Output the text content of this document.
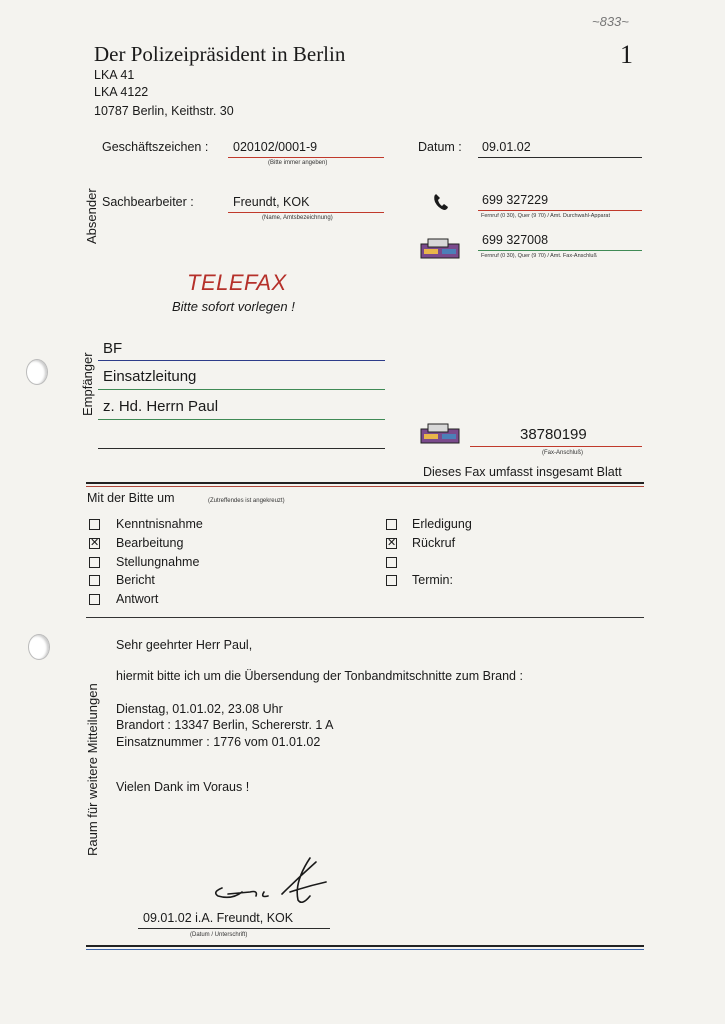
~833~
1
Der Polizeipräsident in Berlin
LKA 41
LKA 4122
10787 Berlin, Keithstr. 30
Geschäftszeichen : 020102/0001-9
(Bitte immer angeben)
Datum : 09.01.02
Absender Sachbearbeiter :	Freundt, KOK
(Name, Amtsbezeichnung)
699 327229
Fernruf (0 30), Quer (9 70) / Amt. Durchwahl-Apparat
699 327008
Fernruf (0 30), Quer (9 70) / Amt. Fax-Anschluß
TELEFAX
Bitte sofort vorlegen !
Empfänger
BF
Einsatzleitung
z. Hd. Herrn Paul
38780199
(Fax-Anschluß)
Dieses Fax umfasst insgesamt Blatt
Mit der Bitte um	(Zutreffendes ist angekreuzt)
Kenntnisnahme
✕ Bearbeitung
Stellungnahme
Bericht
Antwort
Erledigung
✕ Rückruf
Termin:
Raum für weitere Mitteilungen
Sehr geehrter Herr Paul,
hiermit bitte ich um die Übersendung der Tonbandmitschnitte zum Brand :
Dienstag, 01.01.02, 23.08 Uhr
Brandort : 13347 Berlin, Schererstr. 1 A
Einsatznummer : 1776 vom 01.01.02
Vielen Dank im Voraus !
09.01.02 i.A. Freundt, KOK
(Datum / Unterschrift)
